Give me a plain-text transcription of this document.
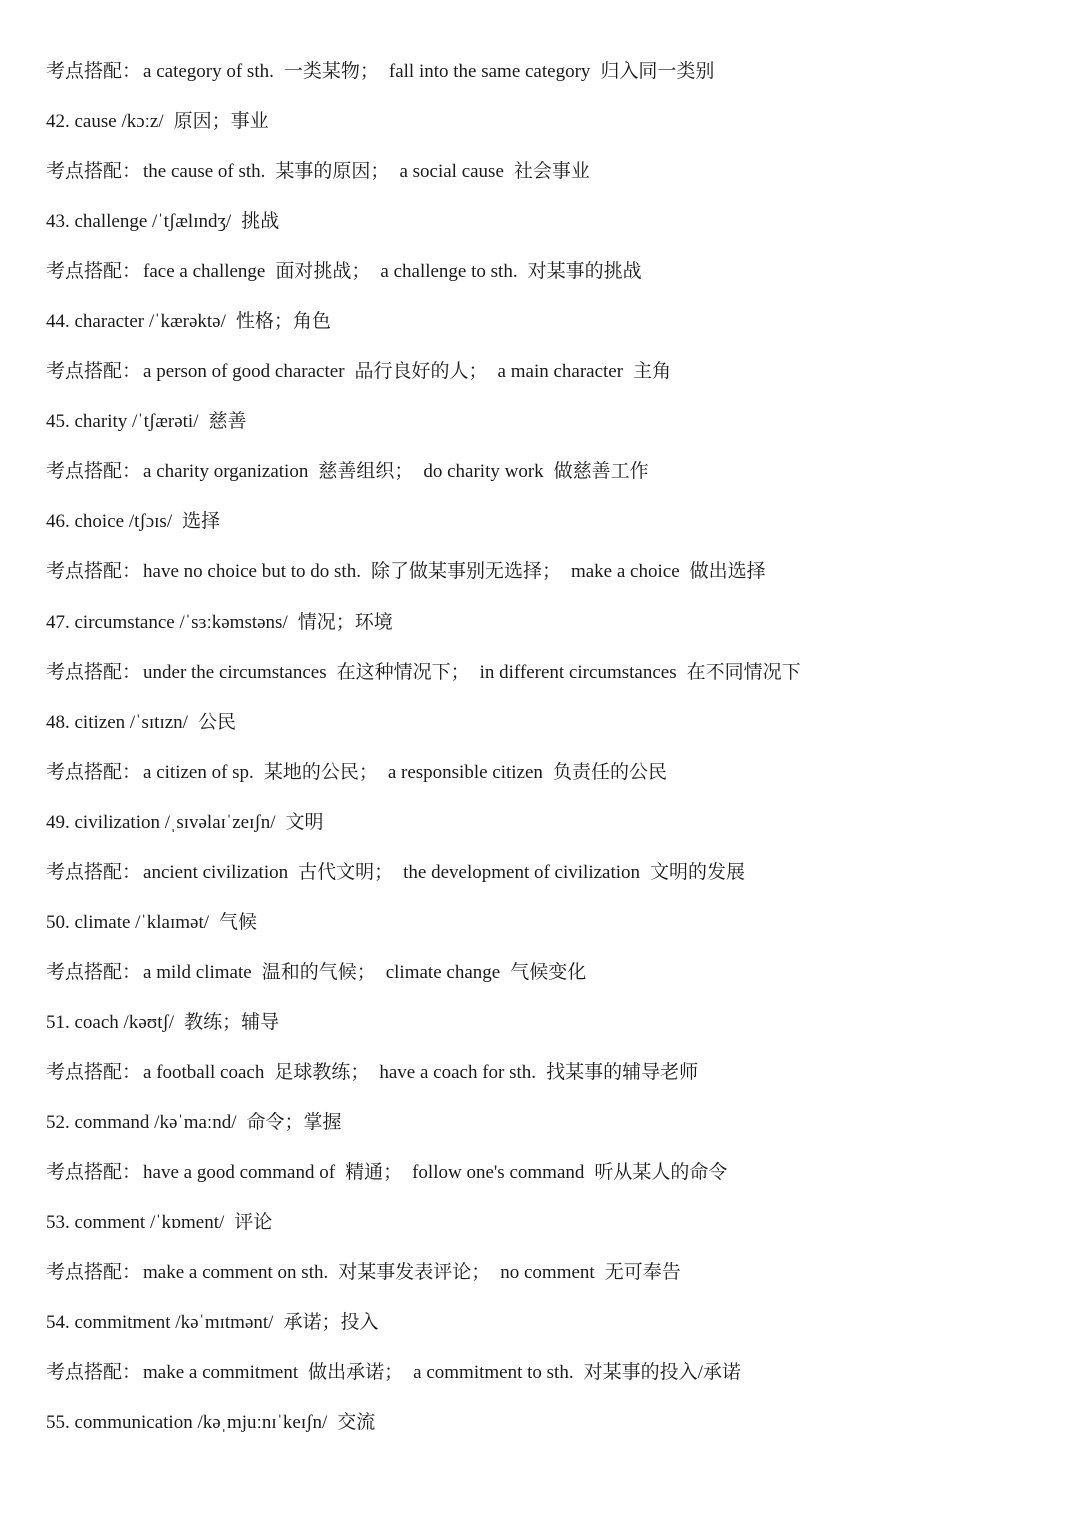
考点搭配： a category of sth. 一类某物； fall into the same category 归入同一类别
42. cause /kɔːz/ 原因；事业
考点搭配： the cause of sth. 某事的原因； a social cause 社会事业
43. challenge /ˈtʃælɪndʒ/ 挑战
考点搭配： face a challenge 面对挑战； a challenge to sth. 对某事的挑战
44. character /ˈkærəktə/ 性格；角色
考点搭配： a person of good character 品行良好的人； a main character 主角
45. charity /ˈtʃærəti/ 慈善
考点搭配： a charity organization 慈善组织； do charity work 做慈善工作
46. choice /tʃɔɪs/ 选择
考点搭配： have no choice but to do sth. 除了做某事别无选择； make a choice 做出选择
47. circumstance /ˈsɜːkəmstəns/ 情况；环境
考点搭配： under the circumstances 在这种情况下； in different circumstances 在不同情况下
48. citizen /ˈsɪtɪzn/ 公民
考点搭配： a citizen of sp. 某地的公民； a responsible citizen 负责任的公民
49. civilization /ˌsɪvəlaɪˈzeɪʃn/ 文明
考点搭配： ancient civilization 古代文明； the development of civilization 文明的发展
50. climate /ˈklaɪmət/ 气候
考点搭配： a mild climate 温和的气候； climate change 气候变化
51. coach /kəʊtʃ/ 教练；辅导
考点搭配： a football coach 足球教练； have a coach for sth. 找某事的辅导老师
52. command /kəˈmaːnd/ 命令；掌握
考点搭配： have a good command of 精通； follow one's command 听从某人的命令
53. comment /ˈkɒment/ 评论
考点搭配： make a comment on sth. 对某事发表评论； no comment 无可奉告
54. commitment /kəˈmɪtmənt/ 承诺；投入
考点搭配： make a commitment 做出承诺； a commitment to sth. 对某事的投入/承诺
55. communication /kəˌmjuːnɪˈkeɪʃn/ 交流
